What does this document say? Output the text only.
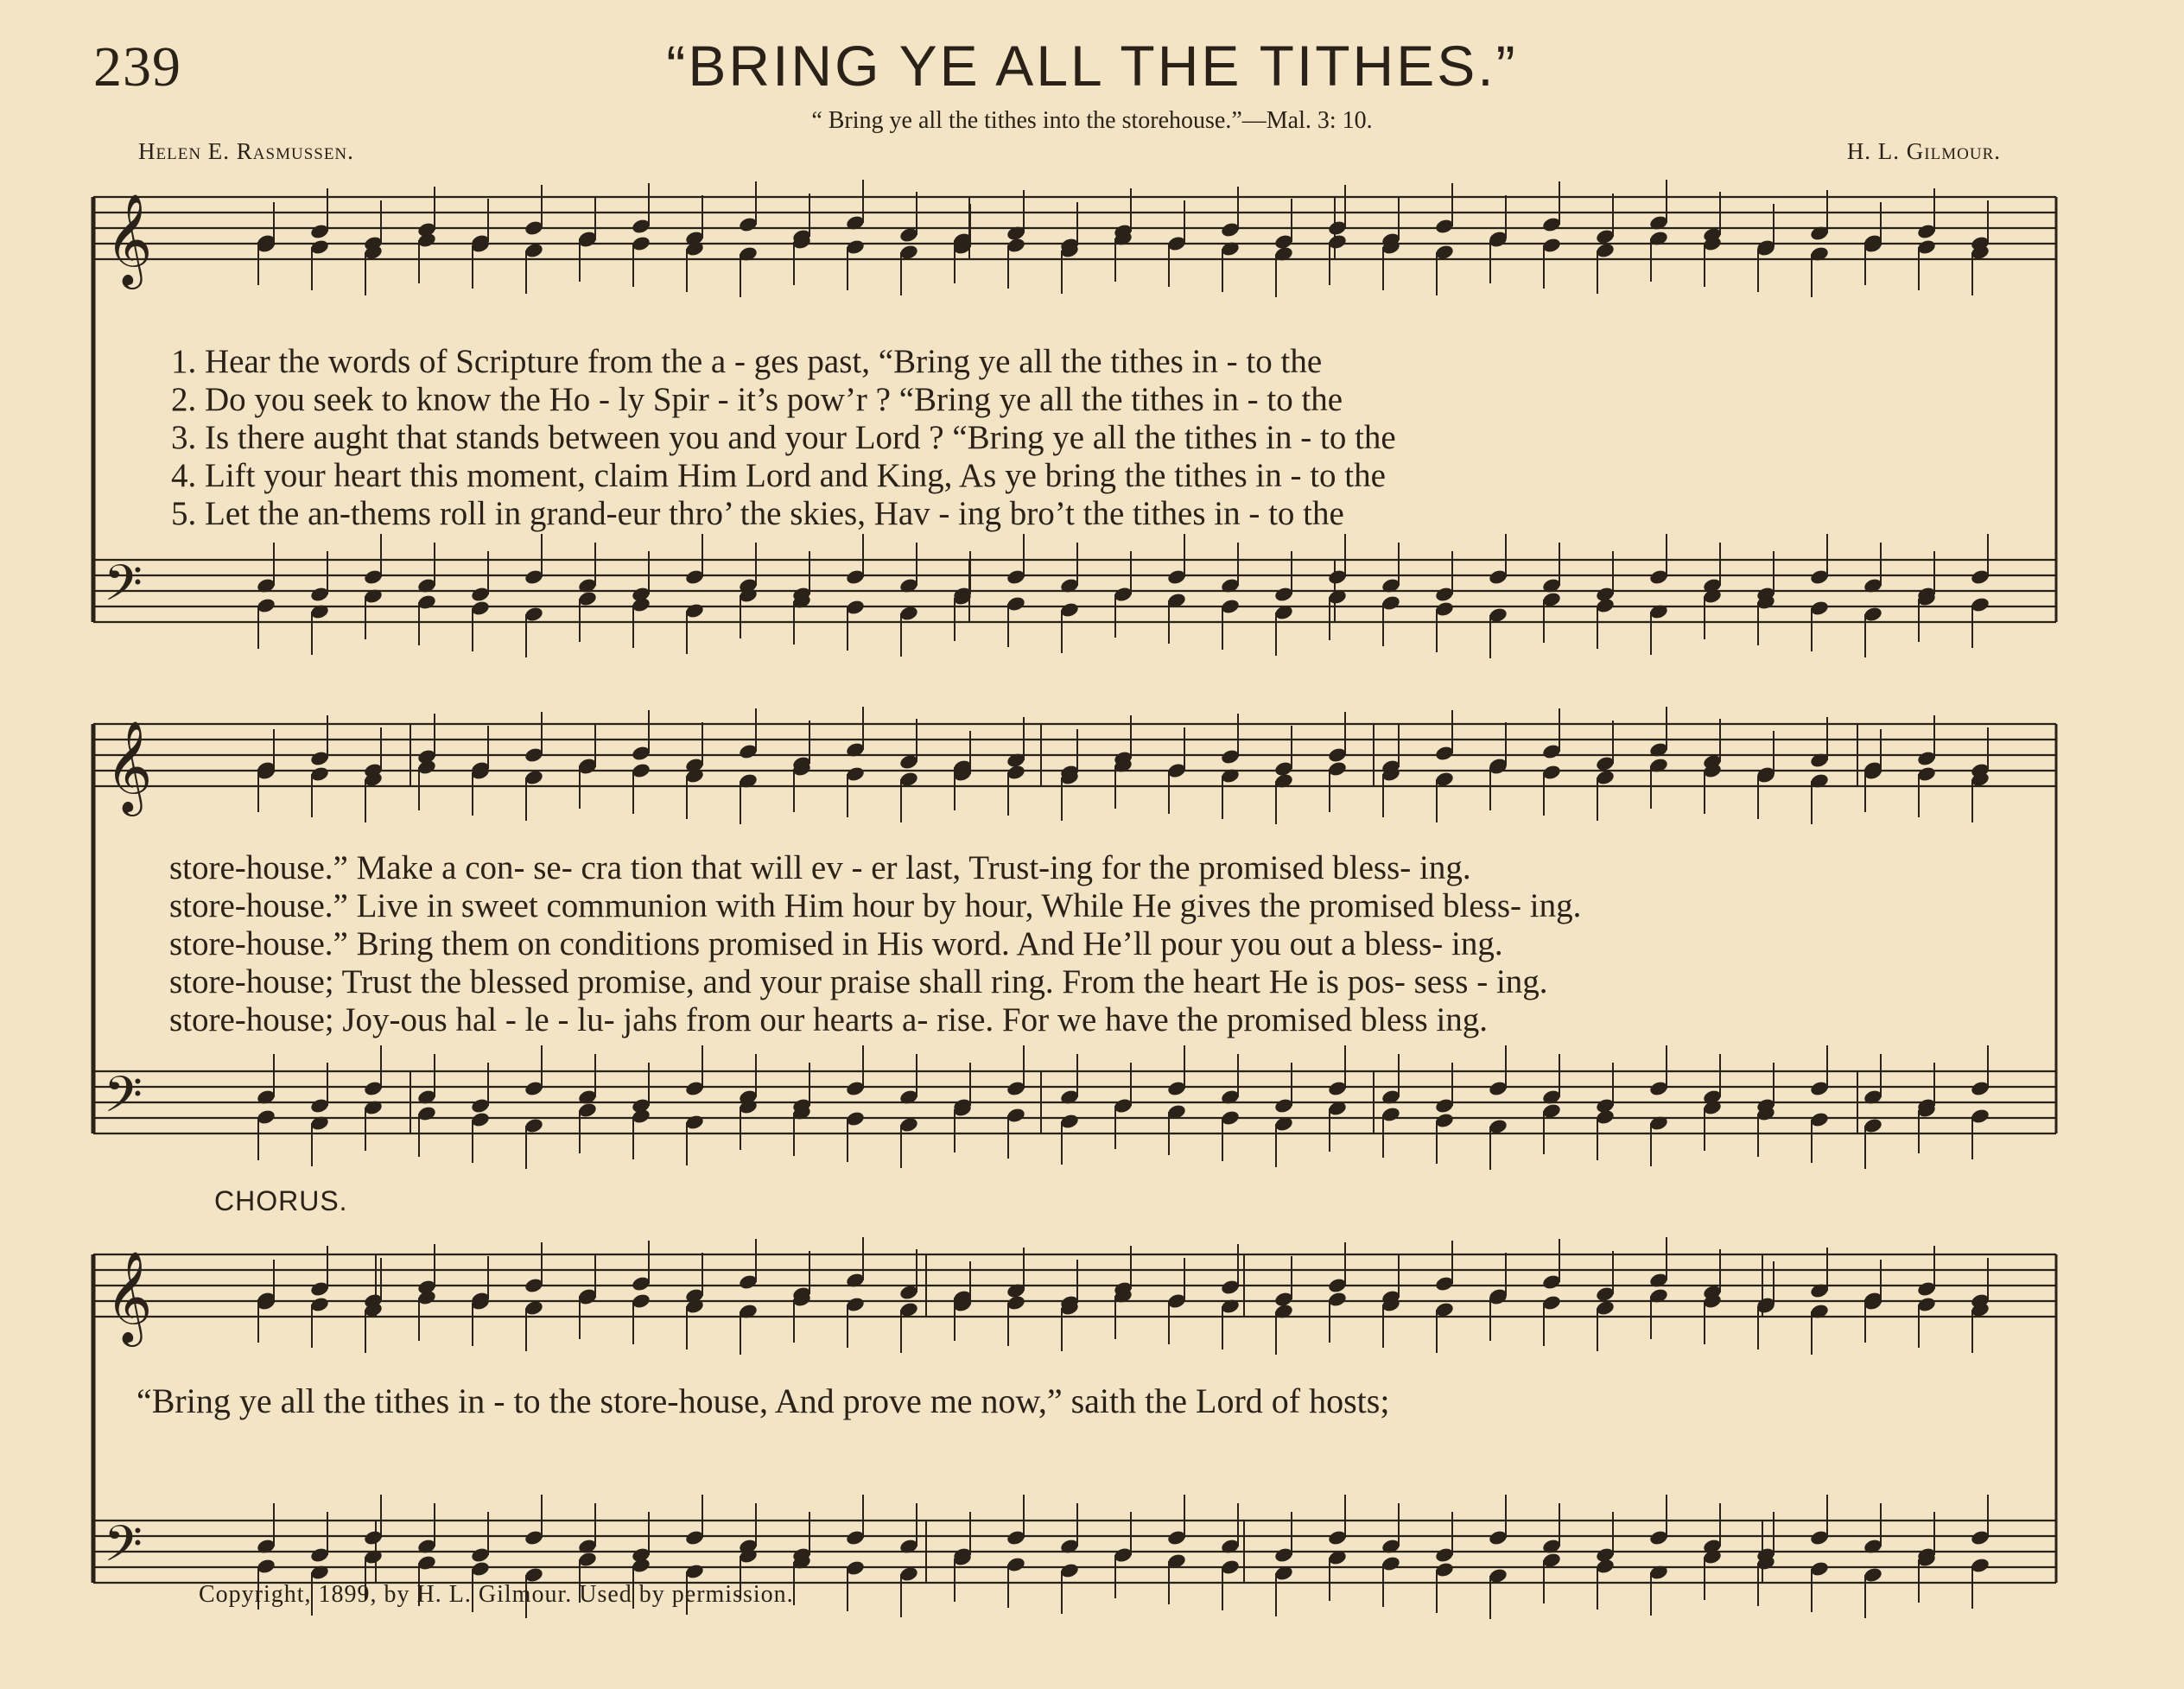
239	“BRING YE ALL THE TITHES.”
“ Bring ye all the tithes into the storehouse.”—Mal. 3: 10.
Helen E. Rasmussen.	H. L. Gilmour.
𝄞
𝄢
𝄞
𝄢
𝄞
𝄢
1. Hear the words of Scripture from the a - ges past, “Bring ye all the tithes in - to the
2. Do you seek to know the Ho - ly Spir - it’s pow’r ? “Bring ye all the tithes in - to the
3. Is there aught that stands between you and your Lord ? “Bring ye all the tithes in - to the
4. Lift your heart this moment, claim Him Lord and King, As ye bring the tithes in - to the
5. Let the an-thems roll in grand-eur thro’ the skies, Hav - ing bro’t the tithes in - to the
store-house.” Make a con- se- cra tion that will ev - er last, Trust-ing for the promised bless- ing.
store-house.” Live in sweet communion with Him hour by hour, While He gives the promised bless- ing.
store-house.” Bring them on conditions promised in His word. And He’ll pour you out a bless- ing.
store-house; Trust the blessed promise, and your praise shall ring. From the heart He is pos- sess - ing.
store-house; Joy-ous hal - le - lu- jahs from our hearts a- rise. For we have the promised bless ing.
CHORUS.
“Bring ye all the tithes in - to the store-house, And prove me now,” saith the Lord of hosts;
Copyright, 1899, by H. L. Gilmour. Used by permission.
